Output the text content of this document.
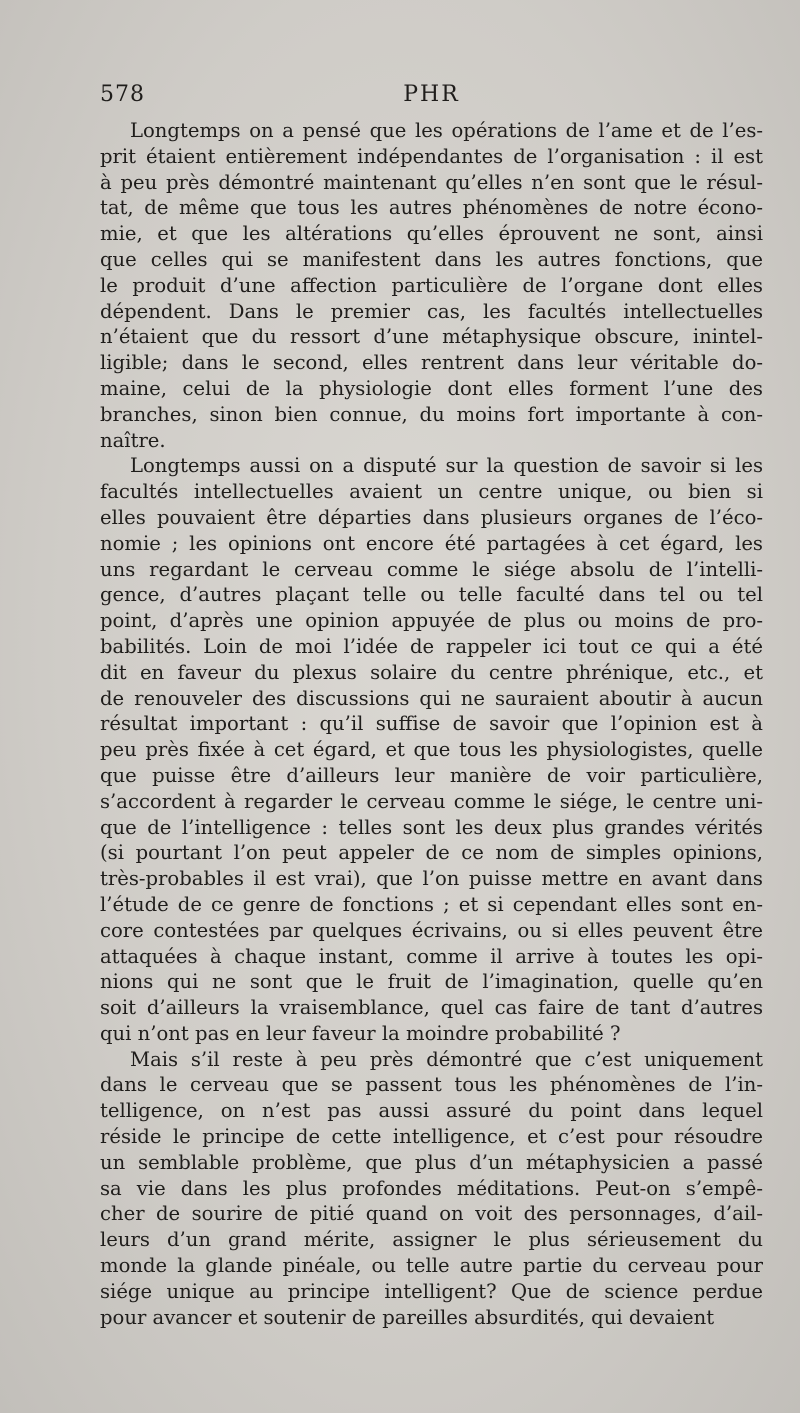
578	PHR
Longtemps on a pensé que les opérations de l’ame et de l’es-
prit étaient entièrement indépendantes de l’organisation : il est
à peu près démontré maintenant qu’elles n’en sont que le résul-
tat, de même que tous les autres phénomènes de notre écono-
mie, et que les altérations qu’elles éprouvent ne sont, ainsi
que celles qui se manifestent dans les autres fonctions, que
le produit d’une affection particulière de l’organe dont elles
dépendent. Dans le premier cas, les facultés intellectuelles
n’étaient que du ressort d’une métaphysique obscure, inintel-
ligible; dans le second, elles rentrent dans leur véritable do-
maine, celui de la physiologie dont elles forment l’une des
branches, sinon bien connue, du moins fort importante à con-
naître.
Longtemps aussi on a disputé sur la question de savoir si les
facultés intellectuelles avaient un centre unique, ou bien si
elles pouvaient être départies dans plusieurs organes de l’éco-
nomie ; les opinions ont encore été partagées à cet égard, les
uns regardant le cerveau comme le siége absolu de l’intelli-
gence, d’autres plaçant telle ou telle faculté dans tel ou tel
point, d’après une opinion appuyée de plus ou moins de pro-
babilités. Loin de moi l’idée de rappeler ici tout ce qui a été
dit en faveur du plexus solaire du centre phrénique, etc., et
de renouveler des discussions qui ne sauraient aboutir à aucun
résultat important : qu’il suffise de savoir que l’opinion est à
peu près fixée à cet égard, et que tous les physiologistes, quelle
que puisse être d’ailleurs leur manière de voir particulière,
s’accordent à regarder le cerveau comme le siége, le centre uni-
que de l’intelligence : telles sont les deux plus grandes vérités
(si pourtant l’on peut appeler de ce nom de simples opinions,
très-probables il est vrai), que l’on puisse mettre en avant dans
l’étude de ce genre de fonctions ; et si cependant elles sont en-
core contestées par quelques écrivains, ou si elles peuvent être
attaquées à chaque instant, comme il arrive à toutes les opi-
nions qui ne sont que le fruit de l’imagination, quelle qu’en
soit d’ailleurs la vraisemblance, quel cas faire de tant d’autres
qui n’ont pas en leur faveur la moindre probabilité ?
Mais s’il reste à peu près démontré que c’est uniquement
dans le cerveau que se passent tous les phénomènes de l’in-
telligence, on n’est pas aussi assuré du point dans lequel
réside le principe de cette intelligence, et c’est pour résoudre
un semblable problème, que plus d’un métaphysicien a passé
sa vie dans les plus profondes méditations. Peut-on s’empê-
cher de sourire de pitié quand on voit des personnages, d’ail-
leurs d’un grand mérite, assigner le plus sérieusement du
monde la glande pinéale, ou telle autre partie du cerveau pour
siége unique au principe intelligent? Que de science perdue
pour avancer et soutenir de pareilles absurdités, qui devaient
